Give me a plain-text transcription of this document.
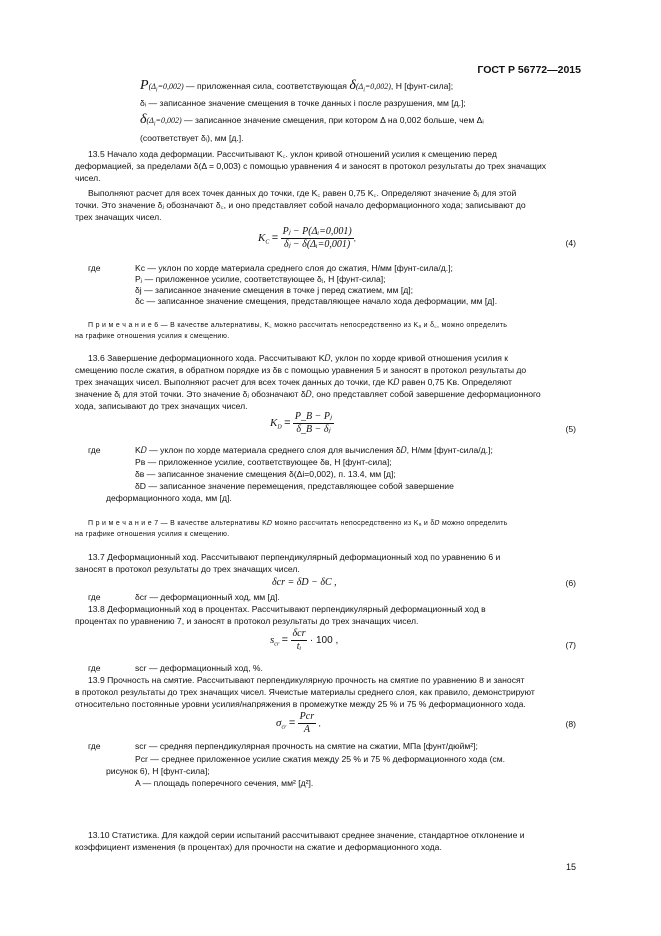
ГОСТ Р 56772—2015
$P(\Delta_i=0,002)$ — приложенная сила, соответствующая $\delta(\Delta_i=0,002)$, Н [фунт-сила];
δᵢ — записанное значение смещения в точке данных i после разрушения, мм [д.];
$\delta(\Delta_i=0,002)$ — записанное значение смещения, при котором Δ на 0,002 больше, чем Δᵢ
(соответствует δᵢ), мм [д.].
13.5 Начало хода деформации. Рассчитывают K꜀. уклон кривой отношений усилия к смещению перед
деформацией, за пределами δ(Δ = 0,003) с помощью уравнения 4 и заносят в протокол результаты до трех значащих
чисел.
Выполняют расчет для всех точек данных до точки, где K꜀ равен 0,75 K꜀. Определяют значение δⱼ для этой
точки. Это значение δⱼ обозначают δ꜀, и оно представляет собой начало деформационного хода; записывают до
трех значащих чисел.
$K_C = \frac{\text{Pⱼ − P(Δᵢ=0,001)}}{\text{δⱼ − δ(Δᵢ=0,001)}}$ ,
(4)
где	Kc — уклон по хорде материала среднего слоя до сжатия, Н/мм [фунт-сила/д.];
Pⱼ — приложенное усилие, соответствующее δⱼ, Н [фунт-сила];
δj — записанное значение смещения в точке j перед сжатием, мм [д];
δc — записанное значение смещения, представляющее начало хода деформации, мм [д].
П р и м е ч а н и е 6 — В качестве альтернативы, K꜀ можно рассчитать непосредственно из Kₐ и δ꜀, можно определить
на графике отношения усилия к смещению.
13.6 Завершение деформационного хода. Рассчитывают K𝐷, уклон по хорде кривой отношения усилия к
смещению после сжатия, в обратном порядке из δв с помощью уравнения 5 и заносят в протокол результаты до
трех значащих чисел. Выполняют расчет для всех точек данных до точки, где K𝐷 равен 0,75 Kв. Определяют
значение δⱼ для этой точки. Это значение δⱼ обозначают δ𝐷, оно представляет собой завершение деформационного
хода, записывают до трех значащих чисел.
$K_D = \frac{\text{P\_B − Pⱼ}}{\text{δ\_B − δⱼ}}$	(5)
где	K𝐷 — уклон по хорде материала среднего слоя для вычисления δ𝐷, Н/мм [фунт-сила/д.];
Pв — приложенное усилие, соответствующее δв, Н [фунт-сила];
δв — записанное значение смещения δ(Δi=0,002), п. 13.4, мм [д];
δD — записанное значение перемещения, представляющее собой завершение
деформационного хода, мм [д].
П р и м е ч а н и е 7 — В качестве альтернативы K𝐷 можно рассчитать непосредственно из Kₐ и δ𝐷 можно определить
на графике отношения усилия к смещению.
13.7 Деформационный ход. Рассчитывают перпендикулярный деформационный ход по уравнению 6 и
заносят в протокол результаты до трех значащих чисел.
δcr = δD − δC ,	(6)
где	δcr — деформационный ход, мм [д].
13.8 Деформационный ход в процентах. Рассчитывают перпендикулярный деформационный ход в
процентах по уравнению 7, и заносят в протокол результаты до трех значащих чисел.
$s_{cr} = \frac{\text{δcr}}{\text{tᵢ}} \cdot 100$ ,	(7)
где	scr — деформационный ход, %.
13.9 Прочность на смятие. Рассчитывают перпендикулярную прочность на смятие по уравнению 8 и заносят
в протокол результаты до трех значащих чисел. Ячеистые материалы среднего слоя, как правило, демонстрируют
относительно постоянные уровни усилия/напряжения в промежутке между 25 % и 75 % деформационного хода.
$\sigma_{cr} = \frac{\text{Pcr}}{A}$ ,	(8)
где	scr — средняя перпендикулярная прочность на смятие на сжатии, МПа [фунт/дюйм²];
Pcr — среднее приложенное усилие сжатия между 25 % и 75 % деформационного хода (см.
рисунок 6), Н [фунт-сила];
A — площадь поперечного сечения, мм² [д²].
13.10 Статистика. Для каждой серии испытаний рассчитывают среднее значение, стандартное отклонение и
коэффициент изменения (в процентах) для прочности на сжатие и деформационного хода.
15
